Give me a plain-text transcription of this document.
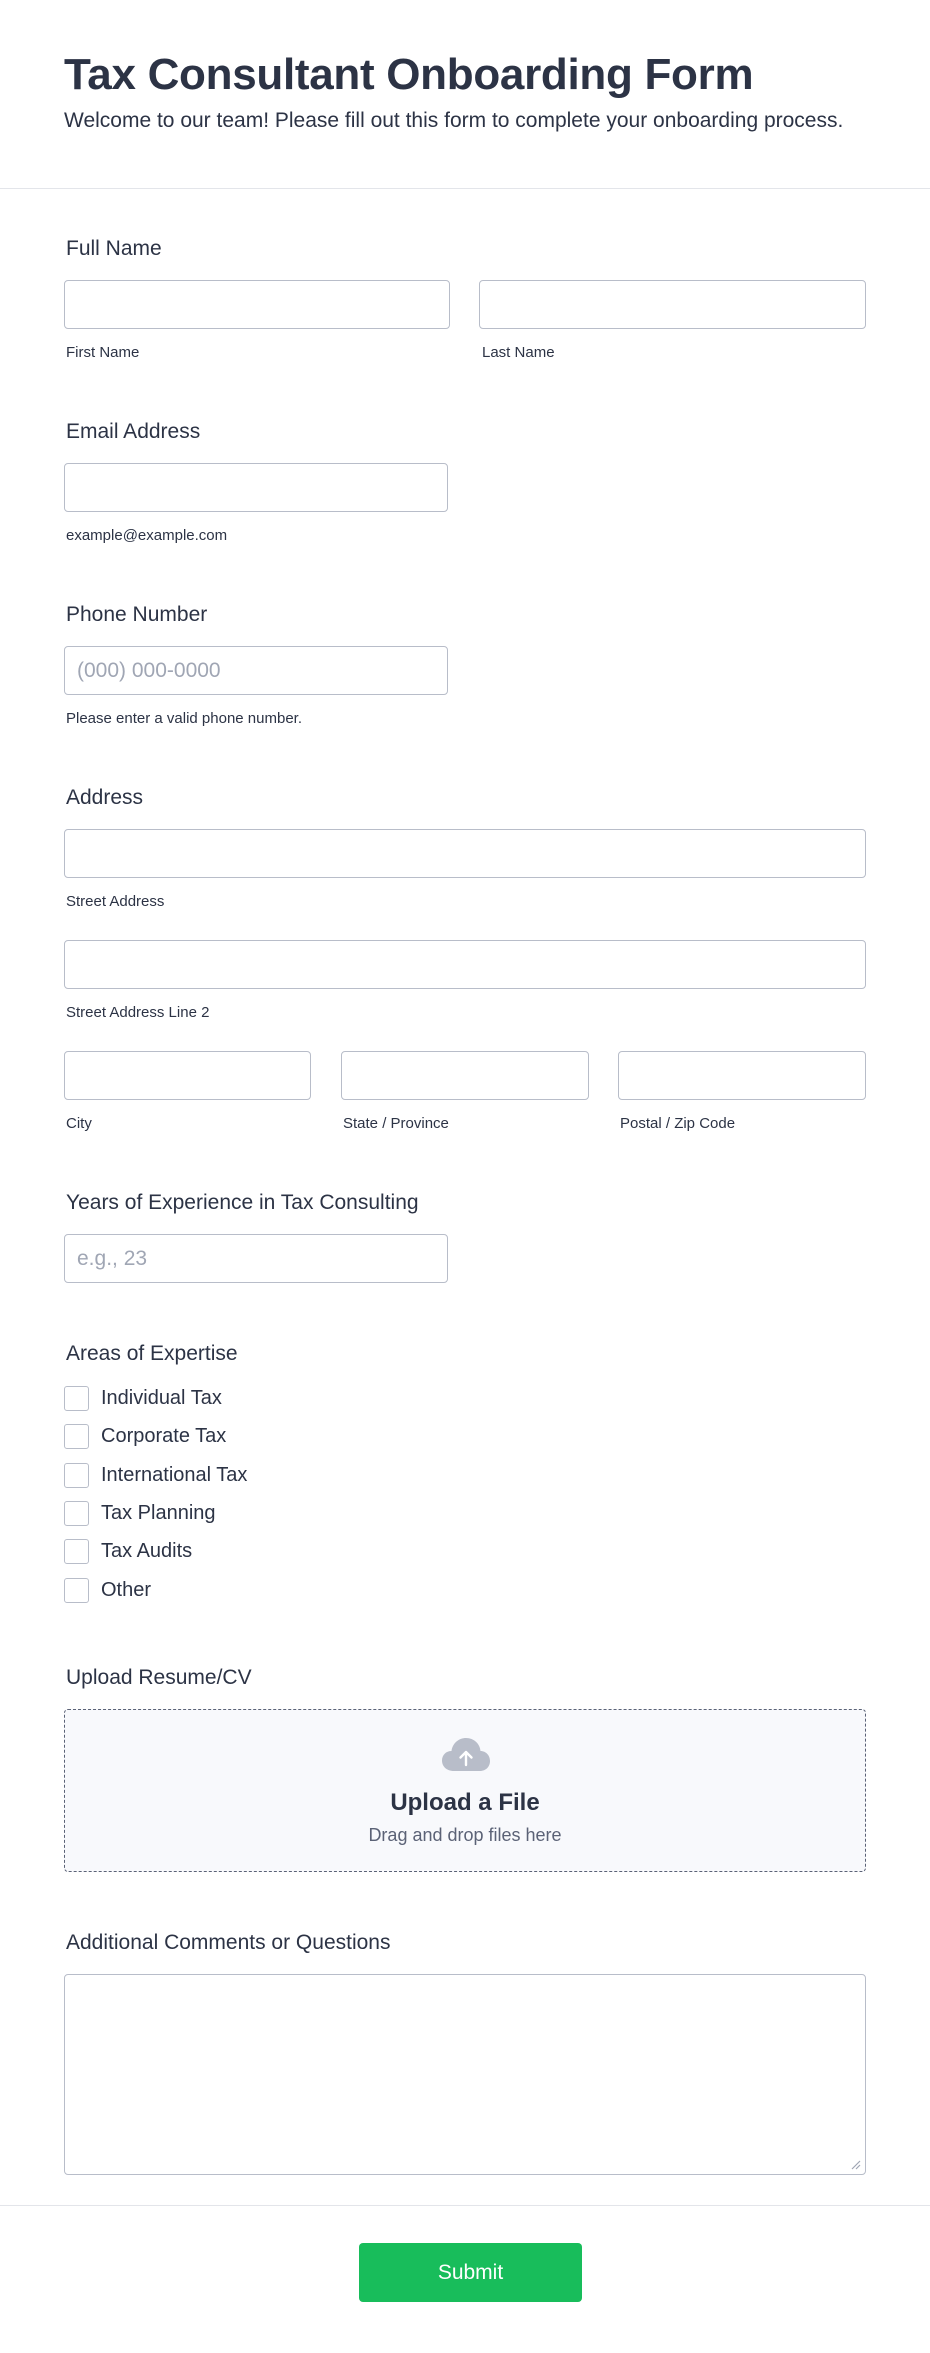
Tax Consultant Onboarding Form

Welcome to our team! Please fill out this form to complete your onboarding process.

Full Name
First Name	Last Name
Email Address
example@example.com
Phone Number
(000) 000-0000
Please enter a valid phone number.
Address
Street Address
Street Address Line 2
City	State / Province	Postal / Zip Code
Years of Experience in Tax Consulting
e.g., 23
Areas of Expertise
Individual Tax
Corporate Tax
International Tax
Tax Planning
Tax Audits
Other
Upload Resume/CV
Upload a File
Drag and drop files here
Additional Comments or Questions
Submit
